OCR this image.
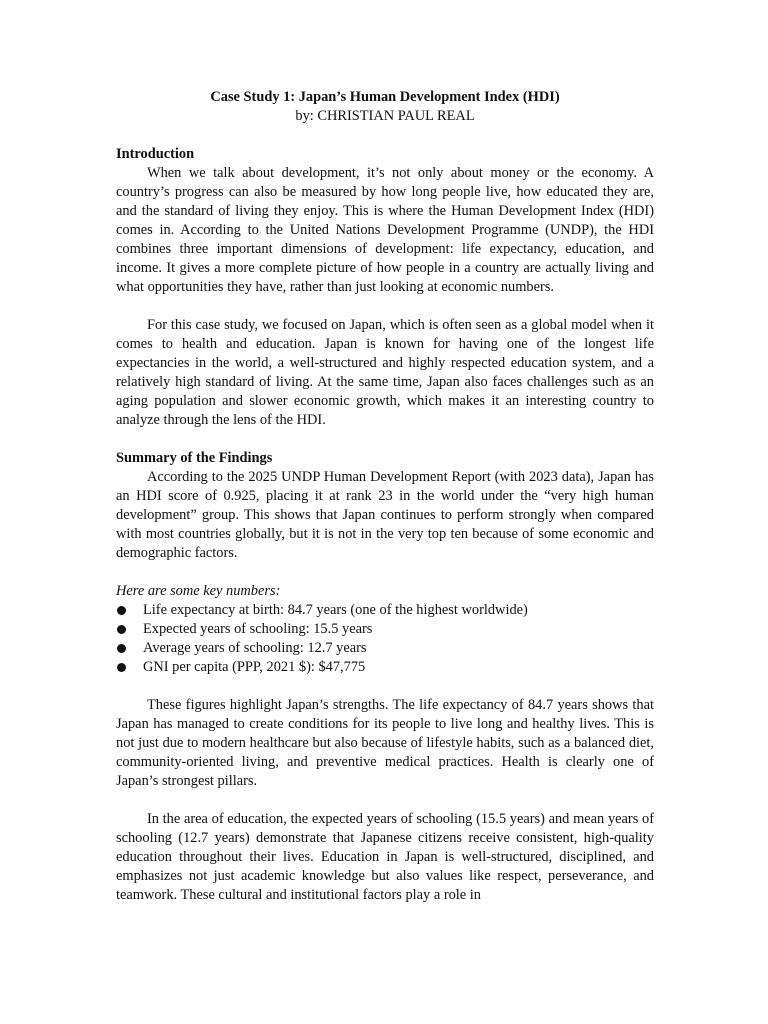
Case Study 1: Japan’s Human Development Index (HDI)

by: CHRISTIAN PAUL REAL

Introduction

When we talk about development, it’s not only about money or the economy. A country’s progress can also be measured by how long people live, how educated they are, and the standard of living they enjoy. This is where the Human Development Index (HDI) comes in. According to the United Nations Development Programme (UNDP), the HDI combines three important dimensions of development: life expectancy, education, and income. It gives a more complete picture of how people in a country are actually living and what opportunities they have, rather than just looking at economic numbers.

For this case study, we focused on Japan, which is often seen as a global model when it comes to health and education. Japan is known for having one of the longest life expectancies in the world, a well-structured and highly respected education system, and a relatively high standard of living. At the same time, Japan also faces challenges such as an aging population and slower economic growth, which makes it an interesting country to analyze through the lens of the HDI.

Summary of the Findings

According to the 2025 UNDP Human Development Report (with 2023 data), Japan has an HDI score of 0.925, placing it at rank 23 in the world under the “very high human development” group. This shows that Japan continues to perform strongly when compared with most countries globally, but it is not in the very top ten because of some economic and demographic factors.

Here are some key numbers:

Life expectancy at birth: 84.7 years (one of the highest worldwide)
Expected years of schooling: 15.5 years
Average years of schooling: 12.7 years
GNI per capita (PPP, 2021 $): $47,775

These figures highlight Japan’s strengths. The life expectancy of 84.7 years shows that Japan has managed to create conditions for its people to live long and healthy lives. This is not just due to modern healthcare but also because of lifestyle habits, such as a balanced diet, community-oriented living, and preventive medical practices. Health is clearly one of Japan’s strongest pillars.

In the area of education, the expected years of schooling (15.5 years) and mean years of schooling (12.7 years) demonstrate that Japanese citizens receive consistent, high-quality education throughout their lives. Education in Japan is well-structured, disciplined, and emphasizes not just academic knowledge but also values like respect, perseverance, and teamwork. These cultural and institutional factors play a role in
